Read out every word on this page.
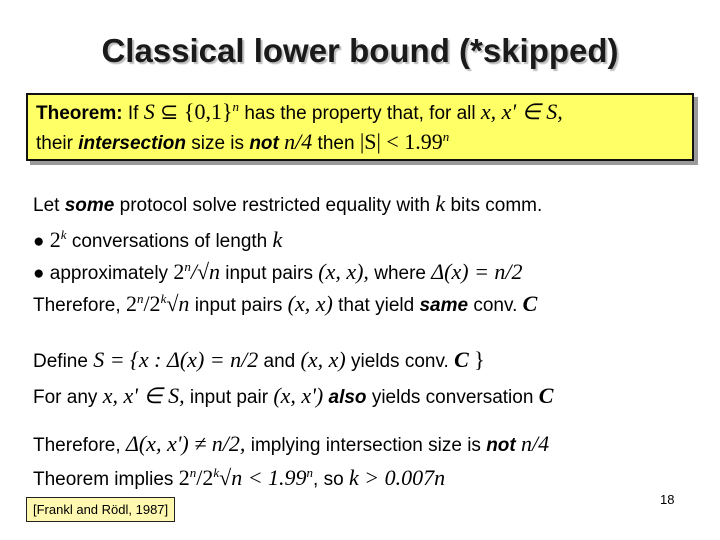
Classical lower bound (*skipped)
Theorem: If S ⊆ $\{0,1\}^n$ has the property that, for all x, x' ∈ S,
their intersection size is not n/4 then $|S| < 1.99^n$
Let some protocol solve restricted equality with k bits comm.
● 2$^k$ conversations of length k
● approximately 2$^n$/√n input pairs (x, x), where Δ(x) = n/2
Therefore, 2$^n$/2$^k$√n input pairs (x, x) that yield same conv. C
Define S = {x : Δ(x) = n/2 and (x, x) yields conv. C }
For any x, x' ∈ S, input pair (x, x') also yields conversation C
Therefore, Δ(x, x') ≠ n/2, implying intersection size is not n/4
Theorem implies $2^n/2^k√n < 1.99^n$, so k > 0.007n
[Frankl and Rödl, 1987]
18
